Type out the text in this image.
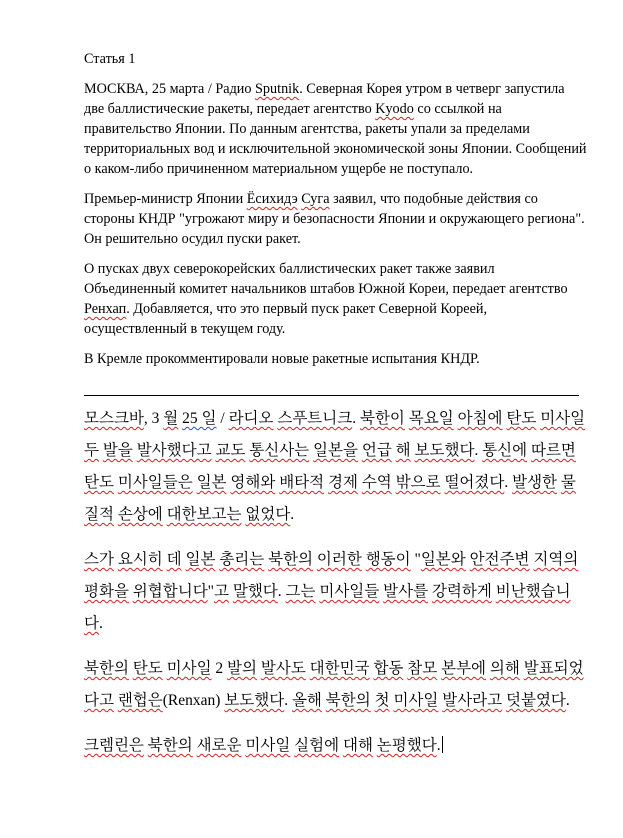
Статья 1

МОСКВА, 25 марта / Радио Sputnik. Северная Корея утром в четверг запустила две баллистические ракеты, передает агентство Kyodo со ссылкой на правительство Японии. По данным агентства, ракеты упали за пределами территориальных вод и исключительной экономической зоны Японии. Сообщений о каком-либо причиненном материальном ущербе не поступало.

Премьер-министр Японии Ёсихидэ Суга заявил, что подобные действия со стороны КНДР "угрожают миру и безопасности Японии и окружающего региона". Он решительно осудил пуски ракет.

О пусках двух северокорейских баллистических ракет также заявил Объединенный комитет начальников штабов Южной Кореи, передает агентство Ренхап. Добавляется, что это первый пуск ракет Северной Кореей, осуществленный в текущем году.

В Кремле прокомментировали новые ракетные испытания КНДР.

모스크바, 3 월 25 일 / 라디오 스푸트니크. 북한이 목요일 아침에 탄도 미사일 두 발을 발사했다고 교도 통신사는 일본을 언급 해 보도했다. 통신에 따르면 탄도 미사일들은 일본 영해와 배타적 경제 수역 밖으로 떨어졌다. 발생한 물질적 손상에 대한보고는 없었다.

스가 요시히 데 일본 총리는 북한의 이러한 행동이 "일본와 안전주변 지역의 평화을 위협합니다"고 말했다. 그는 미사일들 발사를 강력하게 비난했습니다.

북한의 탄도 미사일 2 발의 발사도 대한민국 합동 참모 본부에 의해 발표되었다고 랜헙은(Renxan) 보도했다. 올해 북한의 첫 미사일 발사라고 덧붙였다.

크렘린은 북한의 새로운 미사일 실험에 대해 논평했다.
